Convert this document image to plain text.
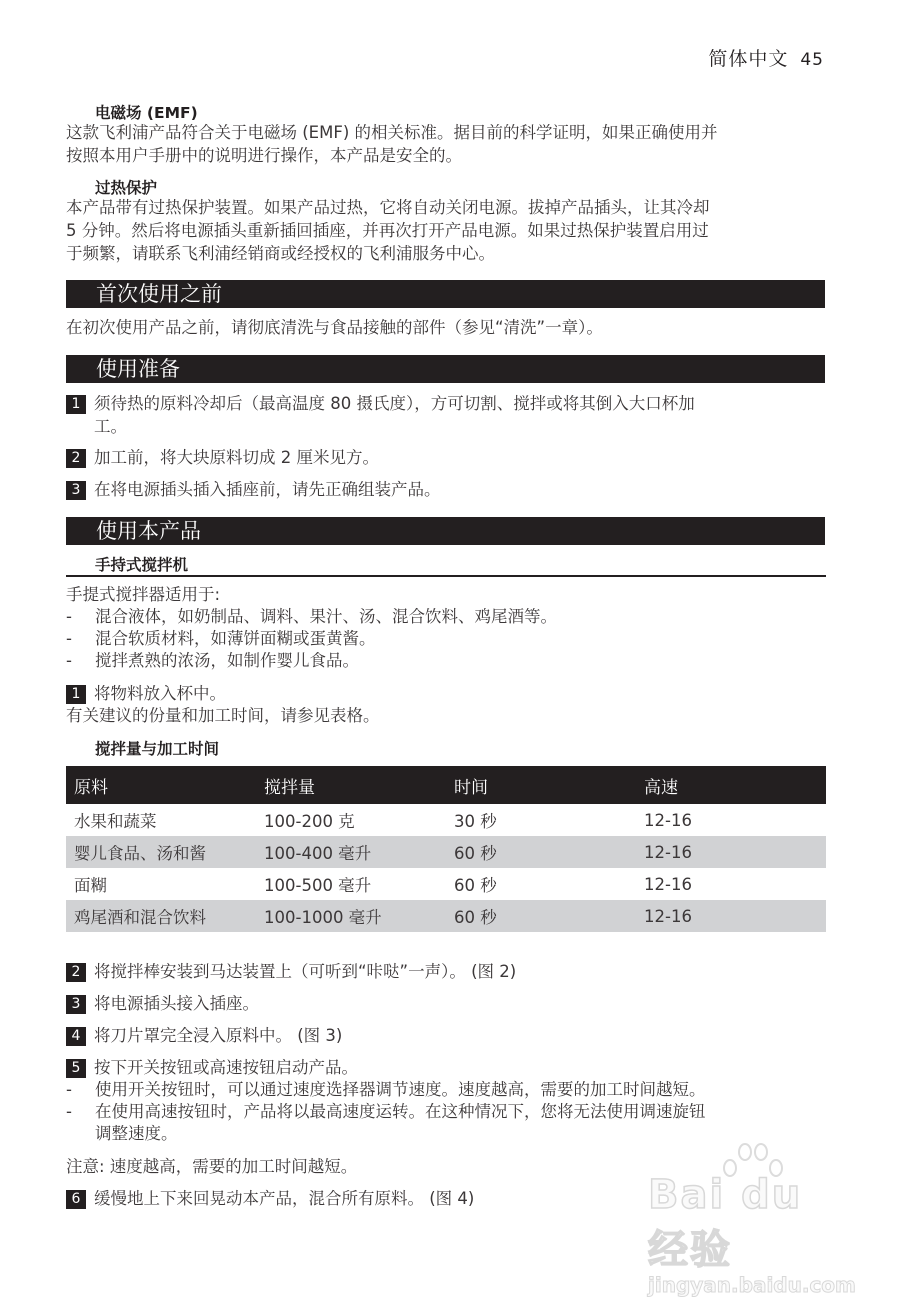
简体中文 45
电磁场 (EMF)
这款飞利浦产品符合关于电磁场 (EMF) 的相关标准。据目前的科学证明，如果正确使用并
按照本用户手册中的说明进行操作，本产品是安全的。
过热保护
本产品带有过热保护装置。如果产品过热，它将自动关闭电源。拔掉产品插头，让其冷却
5 分钟。然后将电源插头重新插回插座，并再次打开产品电源。如果过热保护装置启用过
于频繁，请联系飞利浦经销商或经授权的飞利浦服务中心。
首次使用之前
在初次使用产品之前，请彻底清洗与食品接触的部件（参见“清洗”一章）。
使用准备
1 须待热的原料冷却后（最高温度 80 摄氏度），方可切割、搅拌或将其倒入大口杯加
工。
2 加工前，将大块原料切成 2 厘米见方。
3 在将电源插头插入插座前，请先正确组装产品。
使用本产品
手持式搅拌机
手提式搅拌器适用于:
-	混合液体，如奶制品、调料、果汁、汤、混合饮料、鸡尾酒等。
-	混合软质材料，如薄饼面糊或蛋黄酱。
-	搅拌煮熟的浓汤，如制作婴儿食品。
1 将物料放入杯中。
有关建议的份量和加工时间，请参见表格。
搅拌量与加工时间
原料	搅拌量	时间	高速
水果和蔬菜	100-200 克	30 秒	12-16
婴儿食品、汤和酱	100-400 毫升	60 秒	12-16
面糊	100-500 毫升	60 秒	12-16
鸡尾酒和混合饮料	100-1000 毫升	60 秒	12-16
2 将搅拌棒安装到马达装置上（可听到“咔哒”一声）。 (图 2)
3 将电源插头接入插座。
4 将刀片罩完全浸入原料中。 (图 3)
5 按下开关按钮或高速按钮启动产品。
-	使用开关按钮时，可以通过速度选择器调节速度。速度越高，需要的加工时间越短。
-	在使用高速按钮时，产品将以最高速度运转。在这种情况下，您将无法使用调速旋钮
调整速度。
注意: 速度越高，需要的加工时间越短。
6 缓慢地上下来回晃动本产品，混合所有原料。 (图 4)	Bai du 经验
jingyan.baidu.com
